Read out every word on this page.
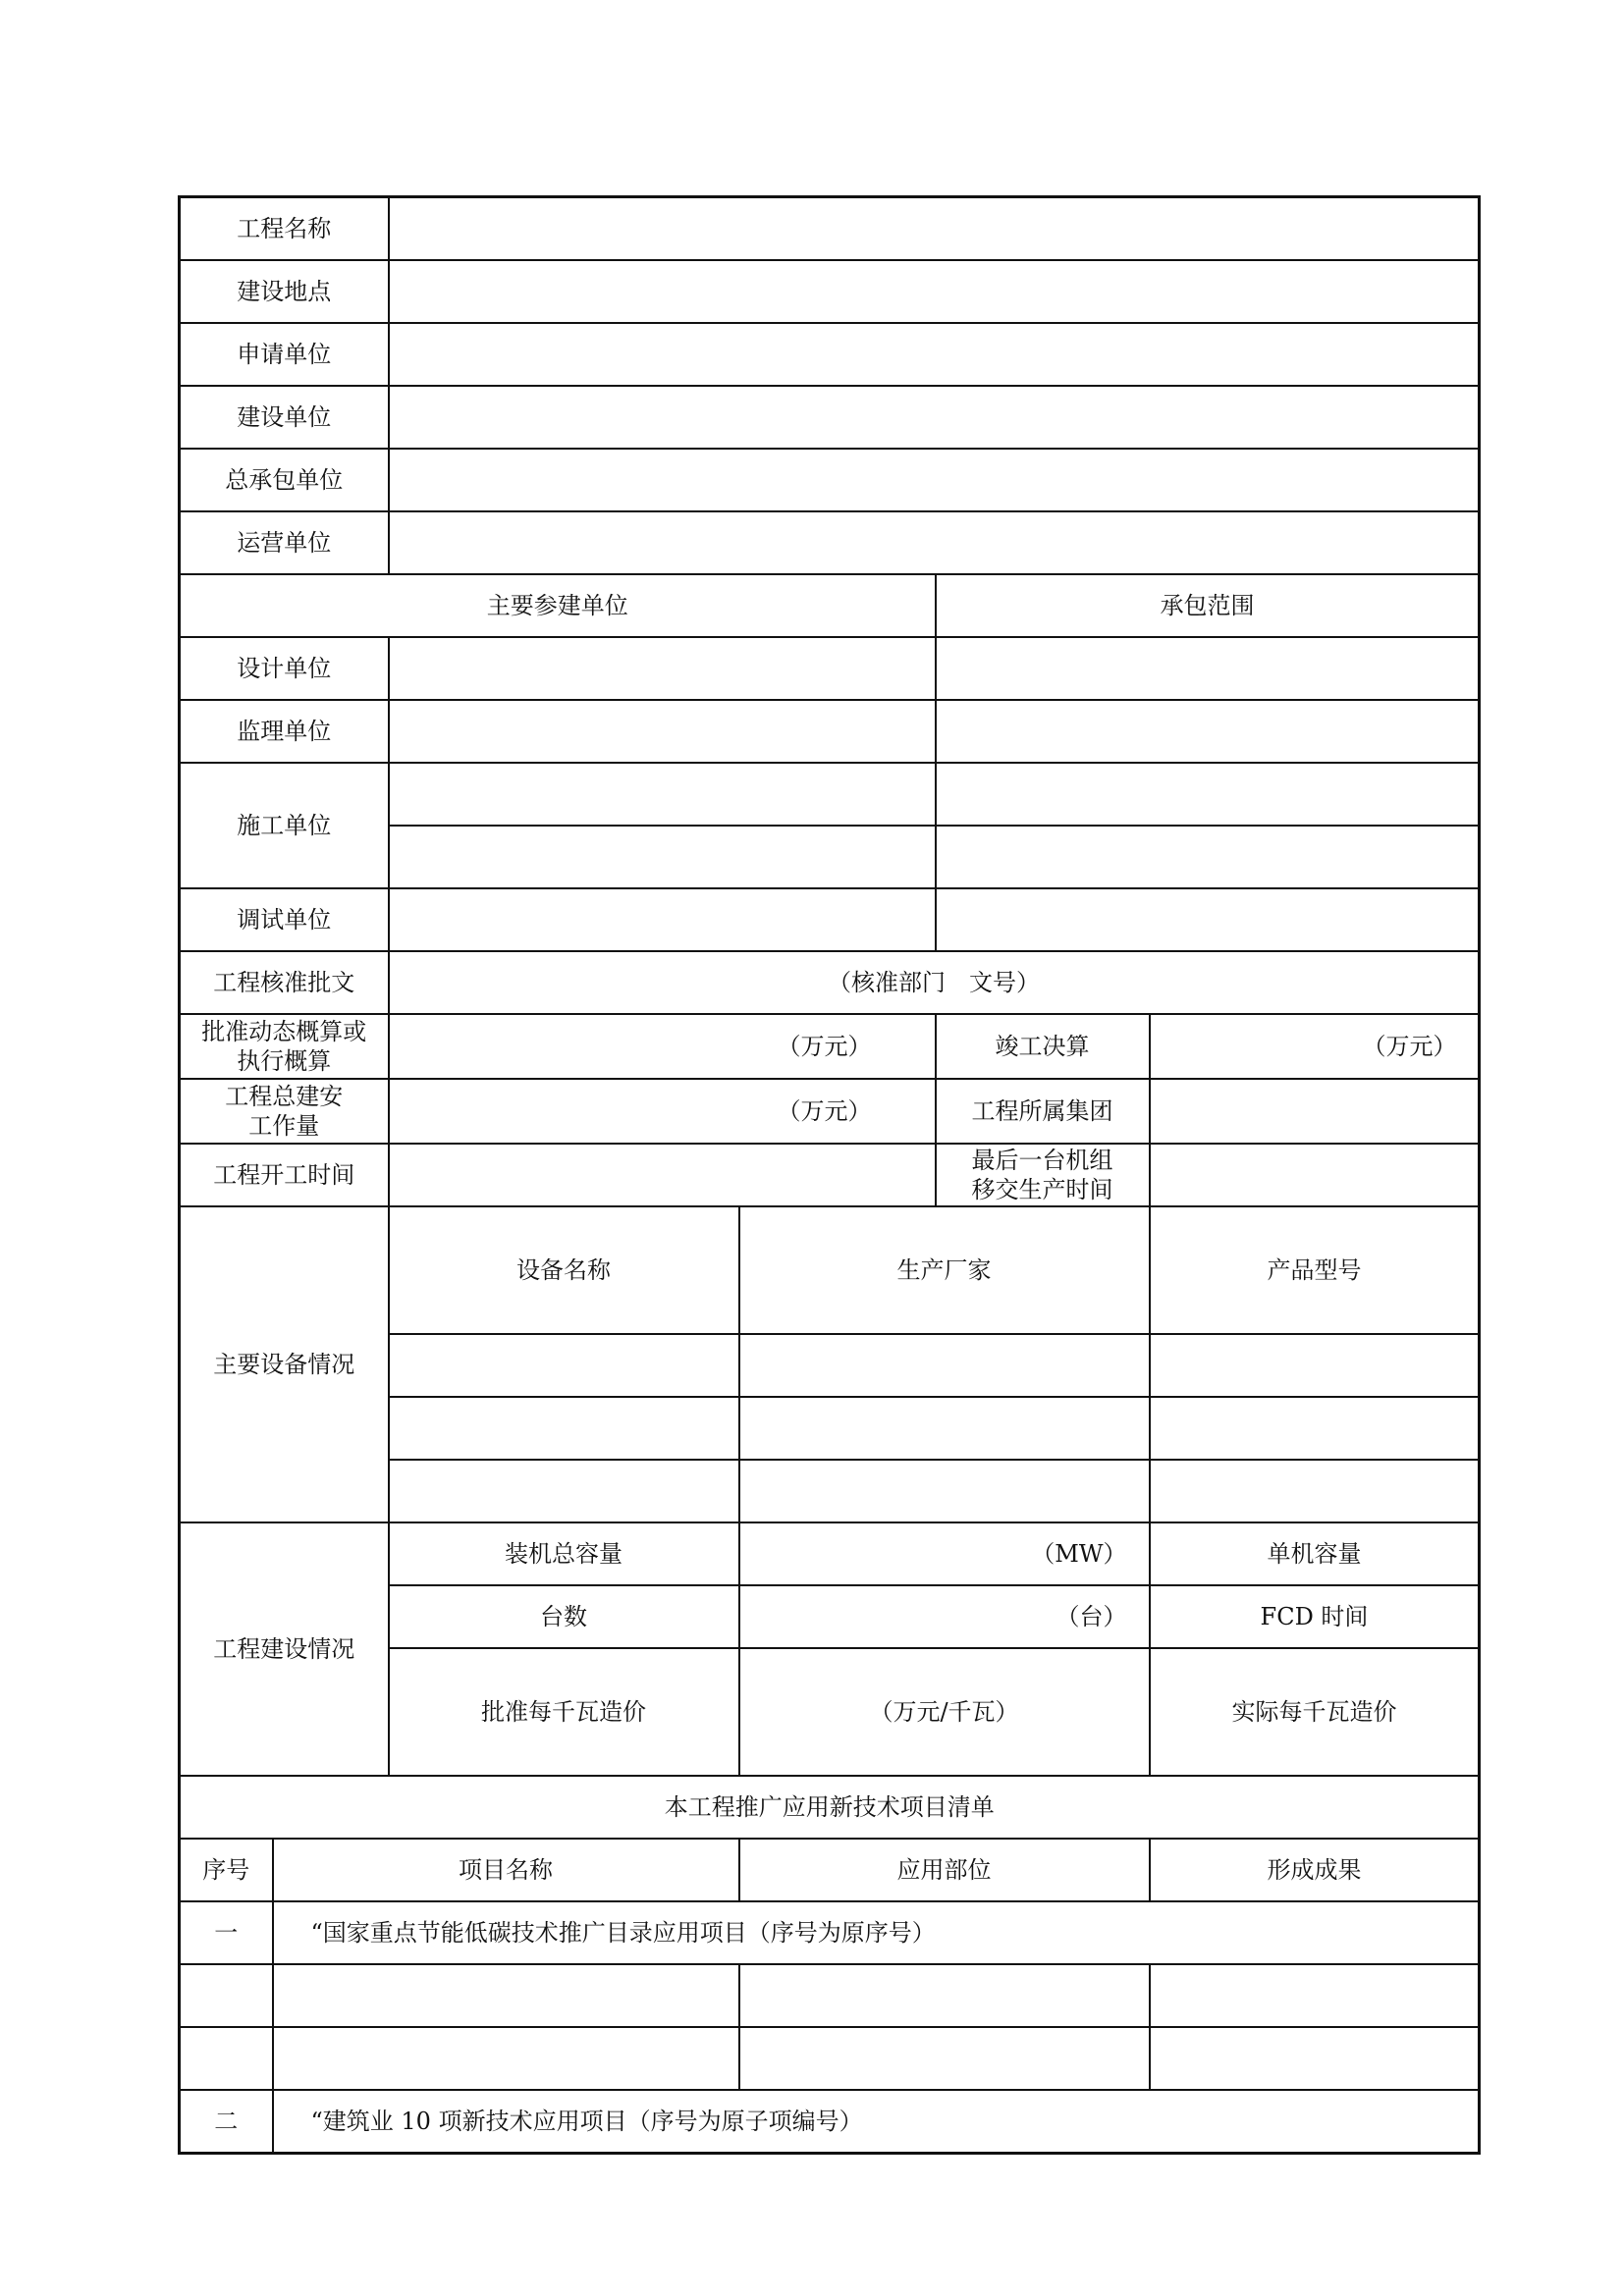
工程名称						
建设地点						
申请单位						
建设单位						
总承包单位						
运营单位						
主要参建单位				承包范围		
设计单位						
监理单位						
施工单位						

调试单位						
工程核准批文		（核准部门　文号）				

批准动态概算或
执行概算		（万元）		竣工决算	（万元）	

工程总建安
工作量		（万元）		工程所属集团		
工程开工时间				最后一台机组
移交生产时间		

主要设备情况		设备名称	生产厂家		产品型号	

工程建设情况		装机总容量	（MW）		单机容量	

		台数	（台）		FCD 时间	
		批准每千瓦造价	（万元/千瓦）		实际每千瓦造价	
本工程推广应用新技术项目清单						
序号	项目名称		应用部位		形成成果	
一	“国家重点节能低碳技术推广目录应用项目（序号为原序号）					

二	“建筑业 10 项新技术应用项目（序号为原子项编号）					
